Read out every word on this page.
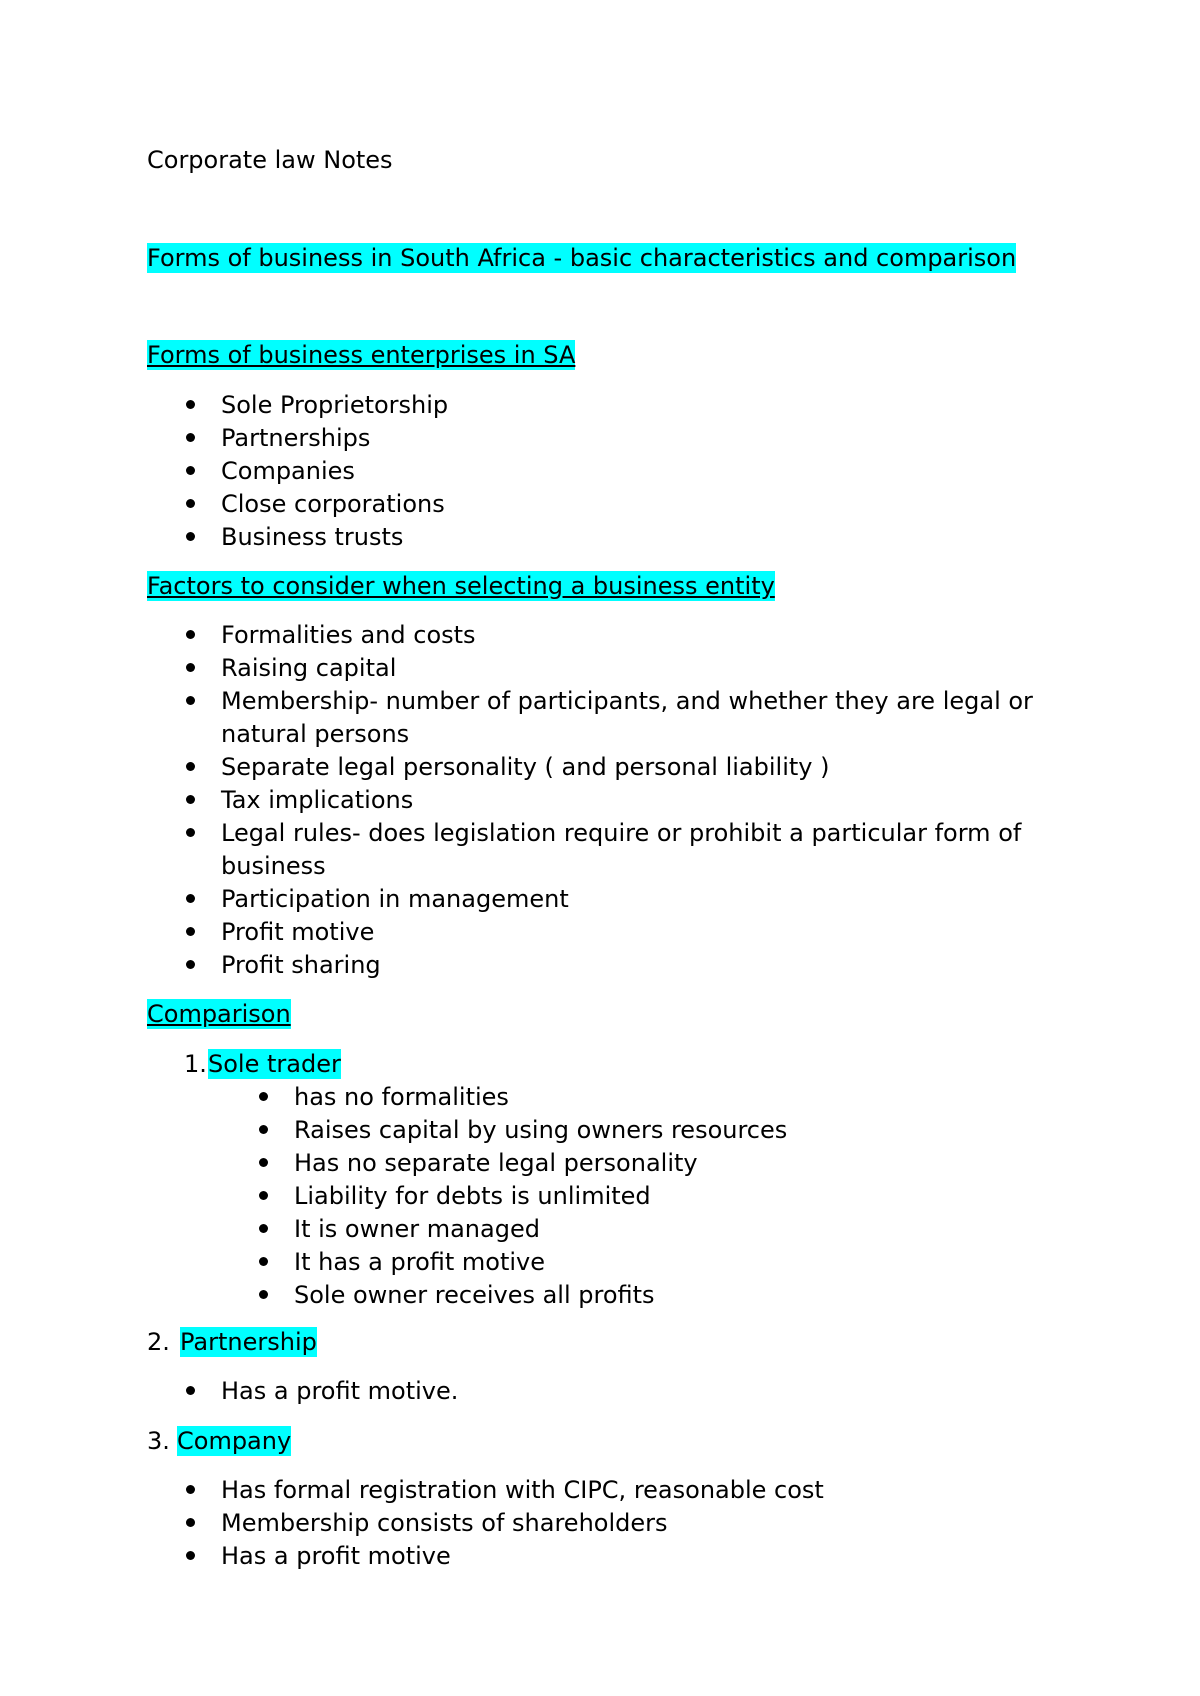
Corporate law Notes
Forms of business in South Africa - basic characteristics and comparison
Forms of business enterprises in SA
Sole Proprietorship
Partnerships
Companies
Close corporations
Business trusts
Factors to consider when selecting a business entity
Formalities and costs
Raising capital
Membership- number of participants, and whether they are legal or
natural persons
Separate legal personality ( and personal liability )
Tax implications
Legal rules- does legislation require or prohibit a particular form of
business
Participation in management
Profit motive
Profit sharing
Comparison
1. Sole trader
has no formalities
Raises capital by using owners resources
Has no separate legal personality
Liability for debts is unlimited
It is owner managed
It has a profit motive
Sole owner receives all profits
2. Partnership
Has a profit motive.
3. Company
Has formal registration with CIPC, reasonable cost
Membership consists of shareholders
Has a profit motive
